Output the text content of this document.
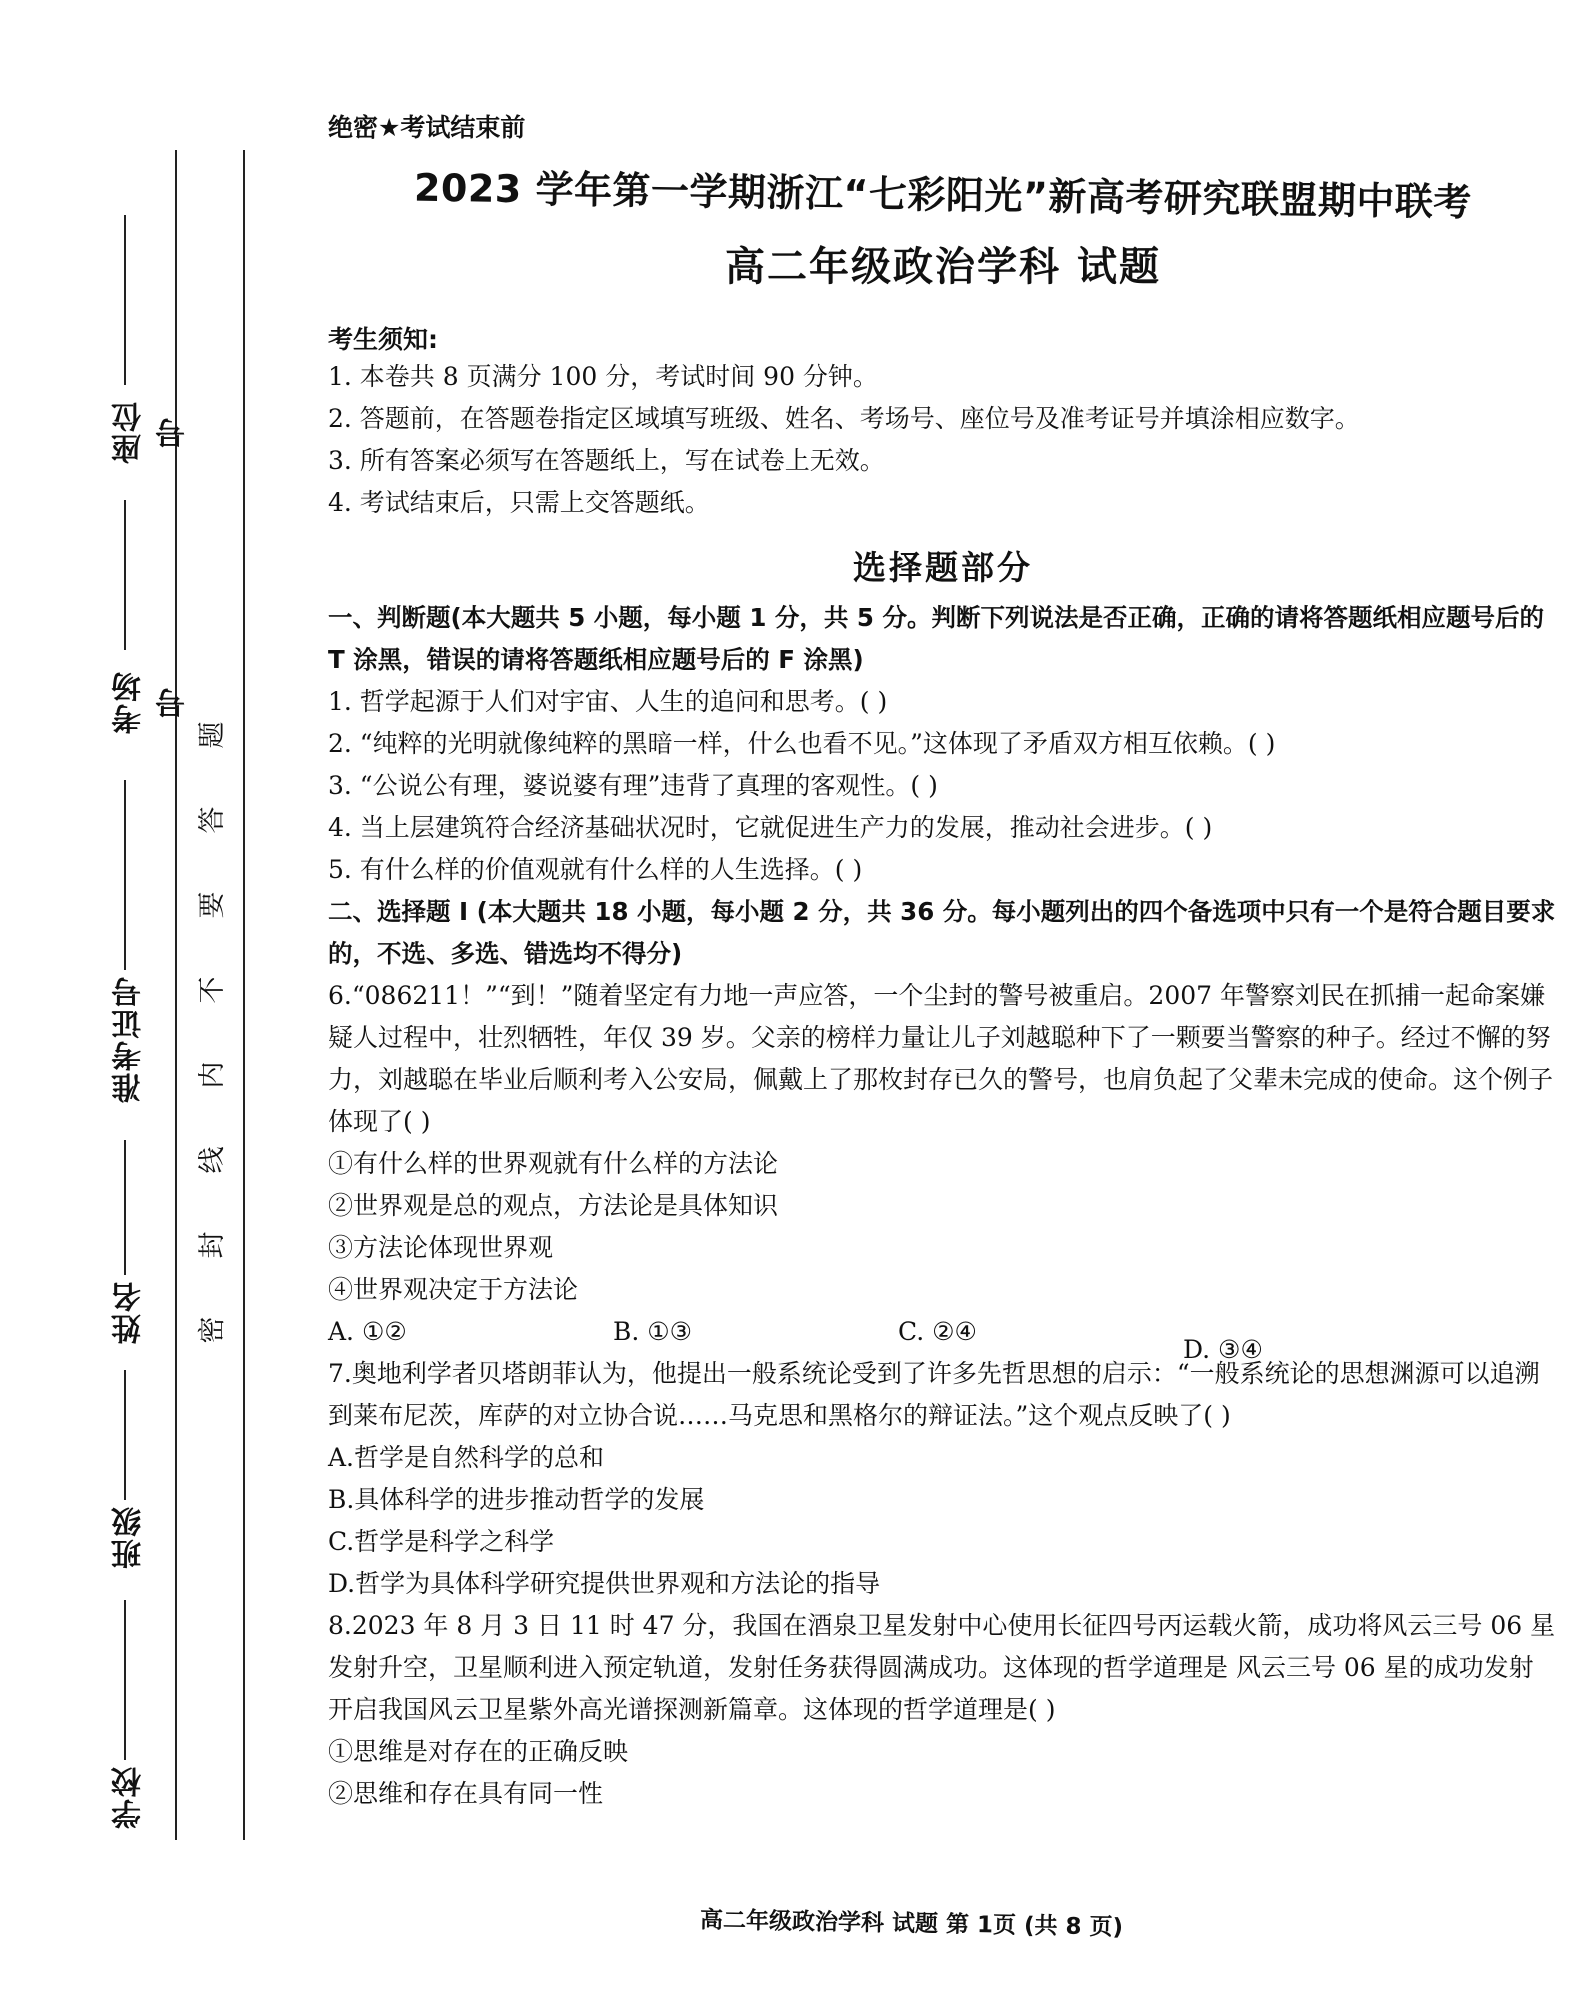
座位号
考场号
准考证号
姓名
班级
学校
题
答
要
不
内
线
封
密
绝密★考试结束前
2023 学年第一学期浙江“七彩阳光”新高考研究联盟期中联考
高二年级政治学科 试题
考生须知:
1. 本卷共 8 页满分 100 分，考试时间 90 分钟。
2. 答题前，在答题卷指定区域填写班级、姓名、考场号、座位号及准考证号并填涂相应数字。
3. 所有答案必须写在答题纸上，写在试卷上无效。
4. 考试结束后，只需上交答题纸。
选择题部分
一、判断题(本大题共 5 小题，每小题 1 分，共 5 分。判断下列说法是否正确，正确的请将答题纸相应题号后的 T 涂黑，错误的请将答题纸相应题号后的 F 涂黑)
1. 哲学起源于人们对宇宙、人生的追问和思考。( )
2. “纯粹的光明就像纯粹的黑暗一样，什么也看不见。”这体现了矛盾双方相互依赖。( )
3. “公说公有理，婆说婆有理”违背了真理的客观性。( )
4. 当上层建筑符合经济基础状况时，它就促进生产力的发展，推动社会进步。( )
5. 有什么样的价值观就有什么样的人生选择。( )
二、选择题 I (本大题共 18 小题，每小题 2 分，共 36 分。每小题列出的四个备选项中只有一个是符合题目要求的，不选、多选、错选均不得分)
6.“086211！”“到！”随着坚定有力地一声应答，一个尘封的警号被重启。2007 年警察刘民在抓捕一起命案嫌疑人过程中，壮烈牺牲，年仅 39 岁。父亲的榜样力量让儿子刘越聪种下了一颗要当警察的种子。经过不懈的努力，刘越聪在毕业后顺利考入公安局，佩戴上了那枚封存已久的警号，也肩负起了父辈未完成的使命。这个例子体现了( )
①有什么样的世界观就有什么样的方法论
②世界观是总的观点，方法论是具体知识
③方法论体现世界观
④世界观决定于方法论
A. ①②	B. ①③	C. ②④
D. ③④
7.奥地利学者贝塔朗菲认为，他提出一般系统论受到了许多先哲思想的启示：“一般系统论的思想渊源可以追溯到莱布尼茨，库萨的对立协合说……马克思和黑格尔的辩证法。”这个观点反映了( )
A.哲学是自然科学的总和
B.具体科学的进步推动哲学的发展
C.哲学是科学之科学
D.哲学为具体科学研究提供世界观和方法论的指导
8.2023 年 8 月 3 日 11 时 47 分，我国在酒泉卫星发射中心使用长征四号丙运载火箭，成功将风云三号 06 星发射升空，卫星顺利进入预定轨道，发射任务获得圆满成功。这体现的哲学道理是 风云三号 06 星的成功发射开启我国风云卫星紫外高光谱探测新篇章。这体现的哲学道理是( )
①思维是对存在的正确反映
②思维和存在具有同一性
高二年级政治学科 试题 第 1页 (共 8 页)
